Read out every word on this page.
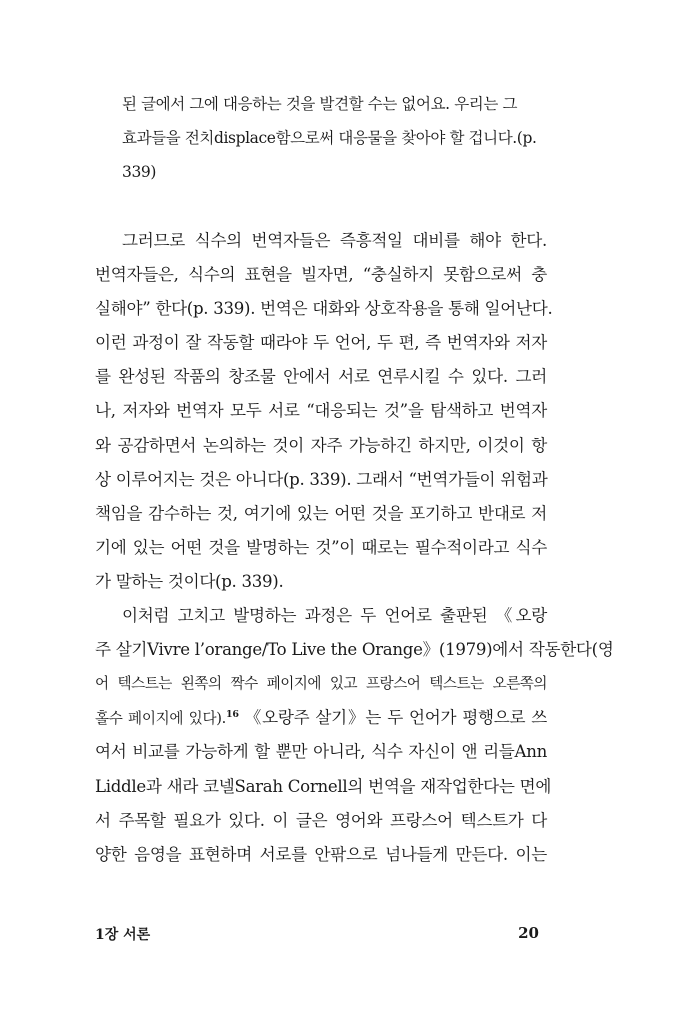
된 글에서 그에 대응하는 것을 발견할 수는 없어요. 우리는 그
효과들을 전치displace함으로써 대응물을 찾아야 할 겁니다.(p.
339)
그러므로 식수의 번역자들은 즉흥적일 대비를 해야 한다.
번역자들은, 식수의 표현을 빌자면, “충실하지 못함으로써 충
실해야” 한다(p. 339). 번역은 대화와 상호작용을 통해 일어난다.
이런 과정이 잘 작동할 때라야 두 언어, 두 편, 즉 번역자와 저자
를 완성된 작품의 창조물 안에서 서로 연루시킬 수 있다. 그러
나, 저자와 번역자 모두 서로 “대응되는 것”을 탐색하고 번역자
와 공감하면서 논의하는 것이 자주 가능하긴 하지만, 이것이 항
상 이루어지는 것은 아니다(p. 339). 그래서 “번역가들이 위험과
책임을 감수하는 것, 여기에 있는 어떤 것을 포기하고 반대로 저
기에 있는 어떤 것을 발명하는 것”이 때로는 필수적이라고 식수
가 말하는 것이다(p. 339).
이처럼 고치고 발명하는 과정은 두 언어로 출판된 《오랑
주 살기Vivre l’orange/To Live the Orange》(1979)에서 작동한다(영
어 텍스트는 왼쪽의 짝수 페이지에 있고 프랑스어 텍스트는 오른쪽의
홀수 페이지에 있다).$^{16}$ 《오랑주 살기》는 두 언어가 평행으로 쓰
여서 비교를 가능하게 할 뿐만 아니라, 식수 자신이 앤 리들Ann
Liddle과 새라 코넬Sarah Cornell의 번역을 재작업한다는 면에
서 주목할 필요가 있다. 이 글은 영어와 프랑스어 텍스트가 다
양한 음영을 표현하며 서로를 안팎으로 넘나들게 만든다. 이는
1장 서론	20
